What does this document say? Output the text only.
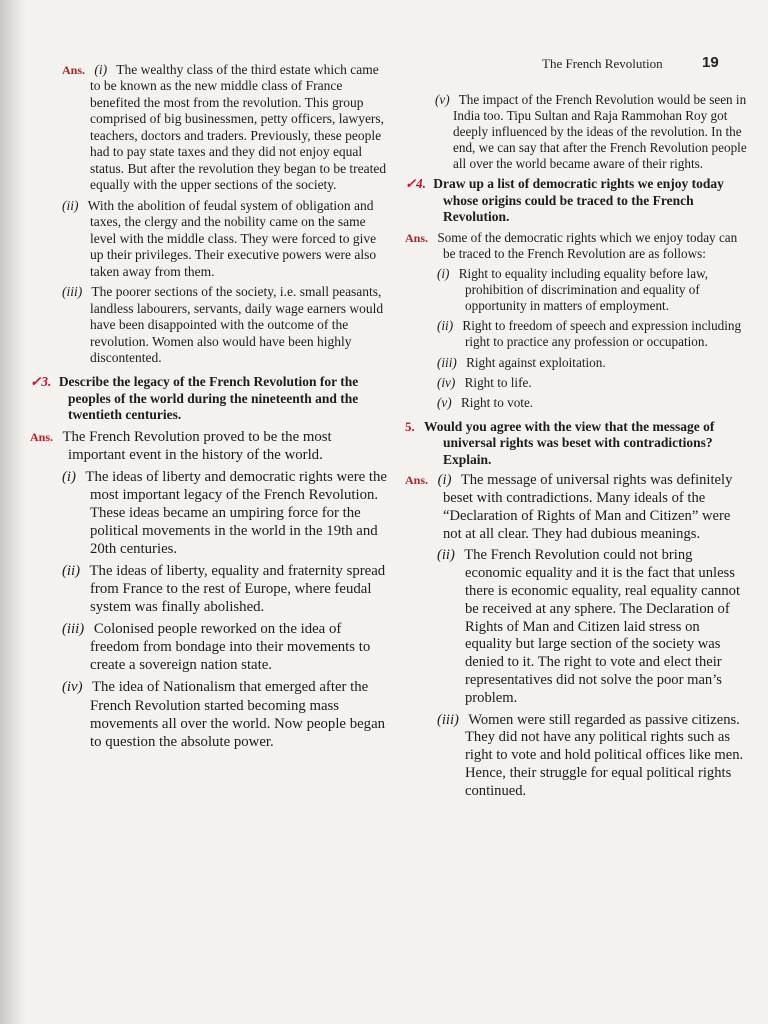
The French Revolution	19
Ans. (i) The wealthy class of the third estate which came to be known as the new middle class of France benefited the most from the revolution. This group comprised of big businessmen, petty officers, lawyers, teachers, doctors and traders. Previously, these people had to pay state taxes and they did not enjoy equal status. But after the revolution they began to be treated equally with the upper sections of the society.
(ii) With the abolition of feudal system of obligation and taxes, the clergy and the nobility came on the same level with the middle class. They were forced to give up their privileges. Their executive powers were also taken away from them.
(iii) The poorer sections of the society, i.e. small peasants, landless labourers, servants, daily wage earners would have been disappointed with the outcome of the revolution. Women also would have been highly discontented.
✓3. Describe the legacy of the French Revolution for the peoples of the world during the nineteenth and the twentieth centuries.
Ans. The French Revolution proved to be the most important event in the history of the world.
(i) The ideas of liberty and democratic rights were the most important legacy of the French Revolution. These ideas became an umpiring force for the political movements in the world in the 19th and 20th centuries.
(ii) The ideas of liberty, equality and fraternity spread from France to the rest of Europe, where feudal system was finally abolished.
(iii) Colonised people reworked on the idea of freedom from bondage into their movements to create a sovereign nation state.
(iv) The idea of Nationalism that emerged after the French Revolution started becoming mass movements all over the world. Now people began to question the absolute power.
(v) The impact of the French Revolution would be seen in India too. Tipu Sultan and Raja Rammohan Roy got deeply influenced by the ideas of the revolution. In the end, we can say that after the French Revolution people all over the world became aware of their rights.
✓4. Draw up a list of democratic rights we enjoy today whose origins could be traced to the French Revolution.
Ans. Some of the democratic rights which we enjoy today can be traced to the French Revolution are as follows:
(i) Right to equality including equality before law, prohibition of discrimination and equality of opportunity in matters of employment.
(ii) Right to freedom of speech and expression including right to practice any profession or occupation.
(iii) Right against exploitation.
(iv) Right to life.
(v) Right to vote.
5. Would you agree with the view that the message of universal rights was beset with contradictions? Explain.
Ans. (i) The message of universal rights was definitely beset with contradictions. Many ideals of the “Declaration of Rights of Man and Citizen” were not at all clear. They had dubious meanings.
(ii) The French Revolution could not bring economic equality and it is the fact that unless there is economic equality, real equality cannot be received at any sphere. The Declaration of Rights of Man and Citizen laid stress on equality but large section of the society was denied to it. The right to vote and elect their representatives did not solve the poor man’s problem.
(iii) Women were still regarded as passive citizens. They did not have any political rights such as right to vote and hold political offices like men. Hence, their struggle for equal political rights continued.
